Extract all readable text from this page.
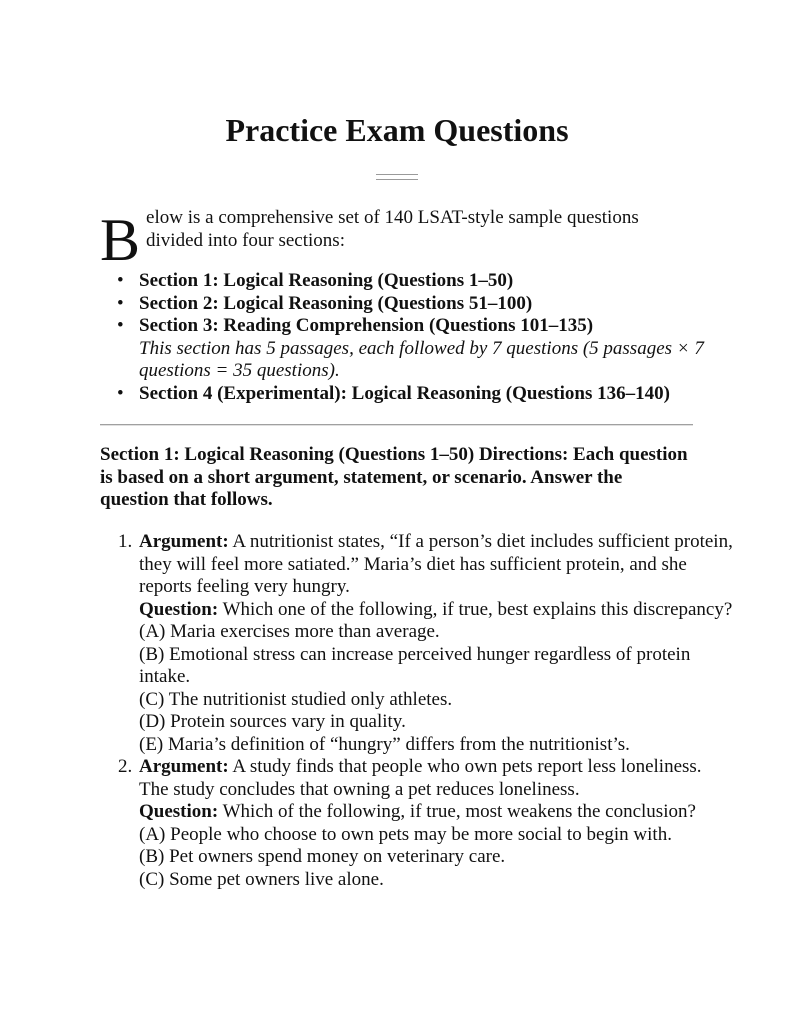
Practice Exam Questions
B elow is a comprehensive set of 140 LSAT-style sample questions divided into four sections:
• Section 1: Logical Reasoning (Questions 1–50)
• Section 2: Logical Reasoning (Questions 51–100)
• Section 3: Reading Comprehension (Questions 101–135)
This section has 5 passages, each followed by 7 questions (5 passages × 7 questions = 35 questions).
• Section 4 (Experimental): Logical Reasoning (Questions 136–140)

Section 1: Logical Reasoning (Questions 1–50) Directions: Each question is based on a short argument, statement, or scenario. Answer the question that follows.

1. Argument: A nutritionist states, “If a person’s diet includes sufficient protein, they will feel more satiated.” Maria’s diet has sufficient protein, and she reports feeling very hungry.
Question: Which one of the following, if true, best explains this discrepancy?
(A) Maria exercises more than average.
(B) Emotional stress can increase perceived hunger regardless of protein intake.
(C) The nutritionist studied only athletes.
(D) Protein sources vary in quality.
(E) Maria’s definition of “hungry” differs from the nutritionist’s.
2. Argument: A study finds that people who own pets report less loneliness. The study concludes that owning a pet reduces loneliness.
Question: Which of the following, if true, most weakens the conclusion?
(A) People who choose to own pets may be more social to begin with.
(B) Pet owners spend money on veterinary care.
(C) Some pet owners live alone.
